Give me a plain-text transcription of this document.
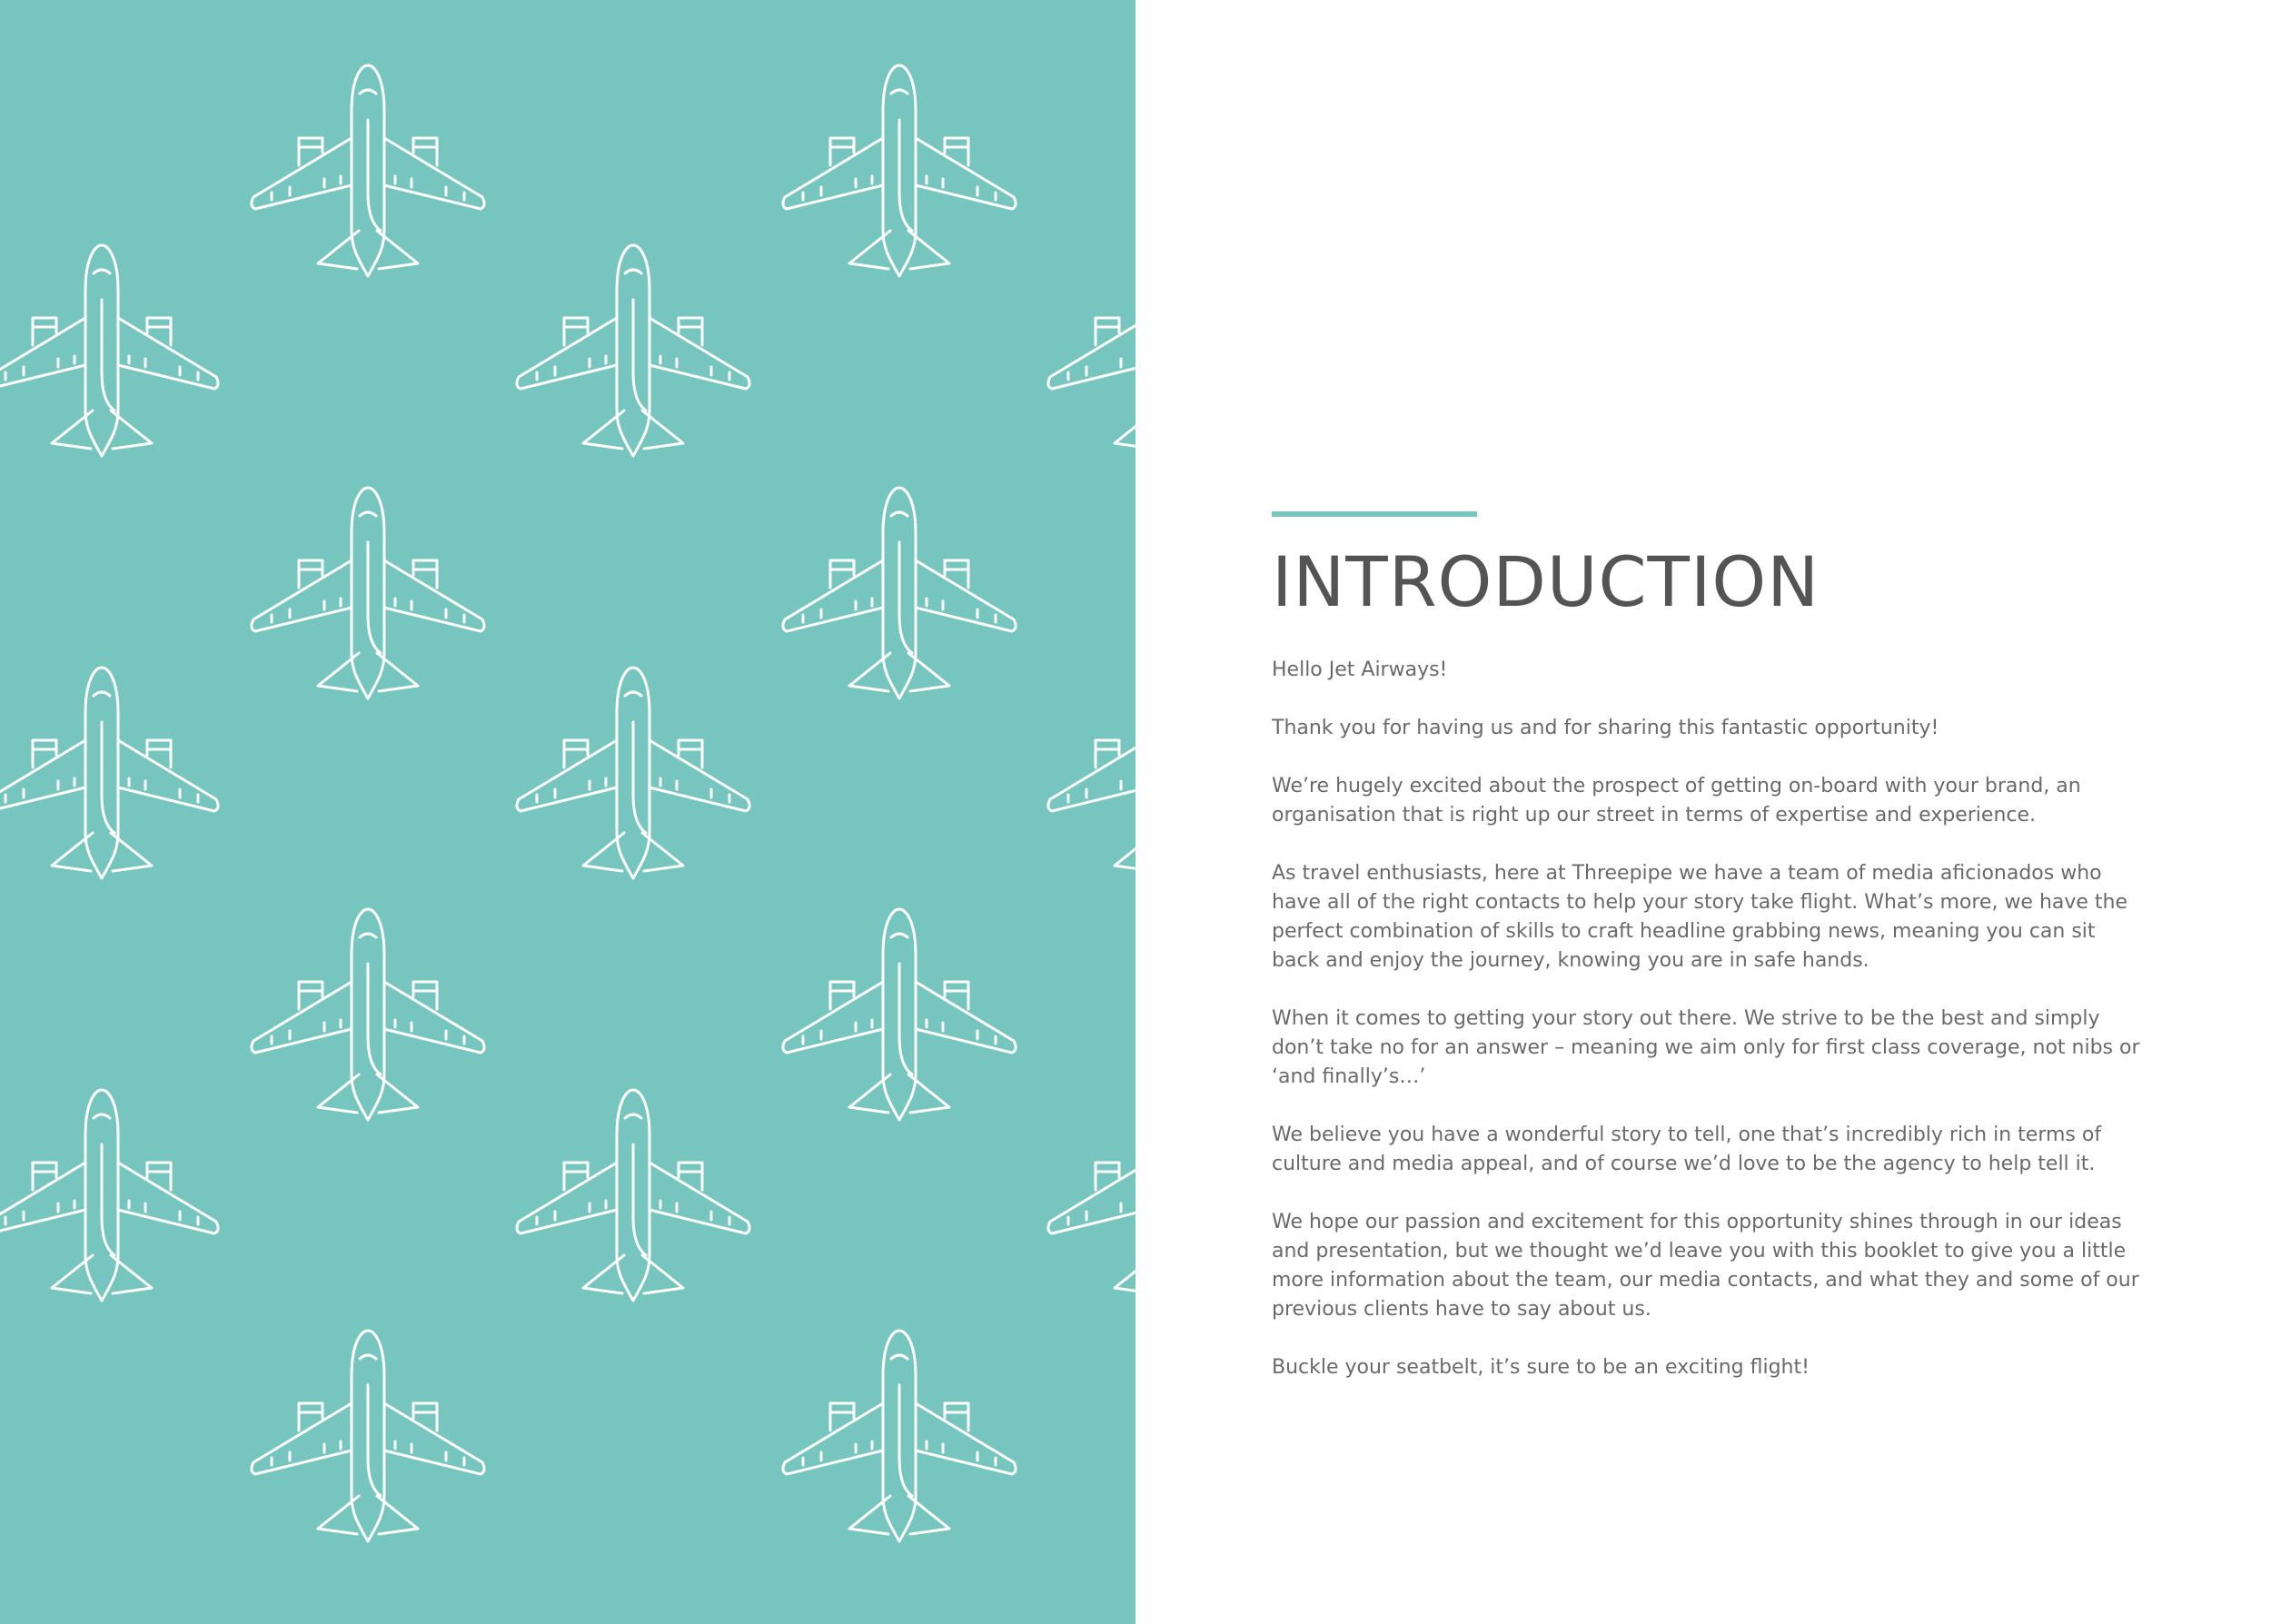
INTRODUCTION

Hello Jet Airways!

Thank you for having us and for sharing this fantastic opportunity!

We’re hugely excited about the prospect of getting on-board with your brand, an organisation that is right up our street in terms of expertise and experience.

As travel enthusiasts, here at Threepipe we have a team of media aficionados who have all of the right contacts to help your story take flight. What’s more, we have the perfect combination of skills to craft headline grabbing news, meaning you can sit back and enjoy the journey, knowing you are in safe hands.

When it comes to getting your story out there. We strive to be the best and simply don’t take no for an answer – meaning we aim only for first class coverage, not nibs or ‘and finally’s…’

We believe you have a wonderful story to tell, one that’s incredibly rich in terms of culture and media appeal, and of course we’d love to be the agency to help tell it.

We hope our passion and excitement for this opportunity shines through in our ideas and presentation, but we thought we’d leave you with this booklet to give you a little more information about the team, our media contacts, and what they and some of our previous clients have to say about us.

Buckle your seatbelt, it’s sure to be an exciting flight!
